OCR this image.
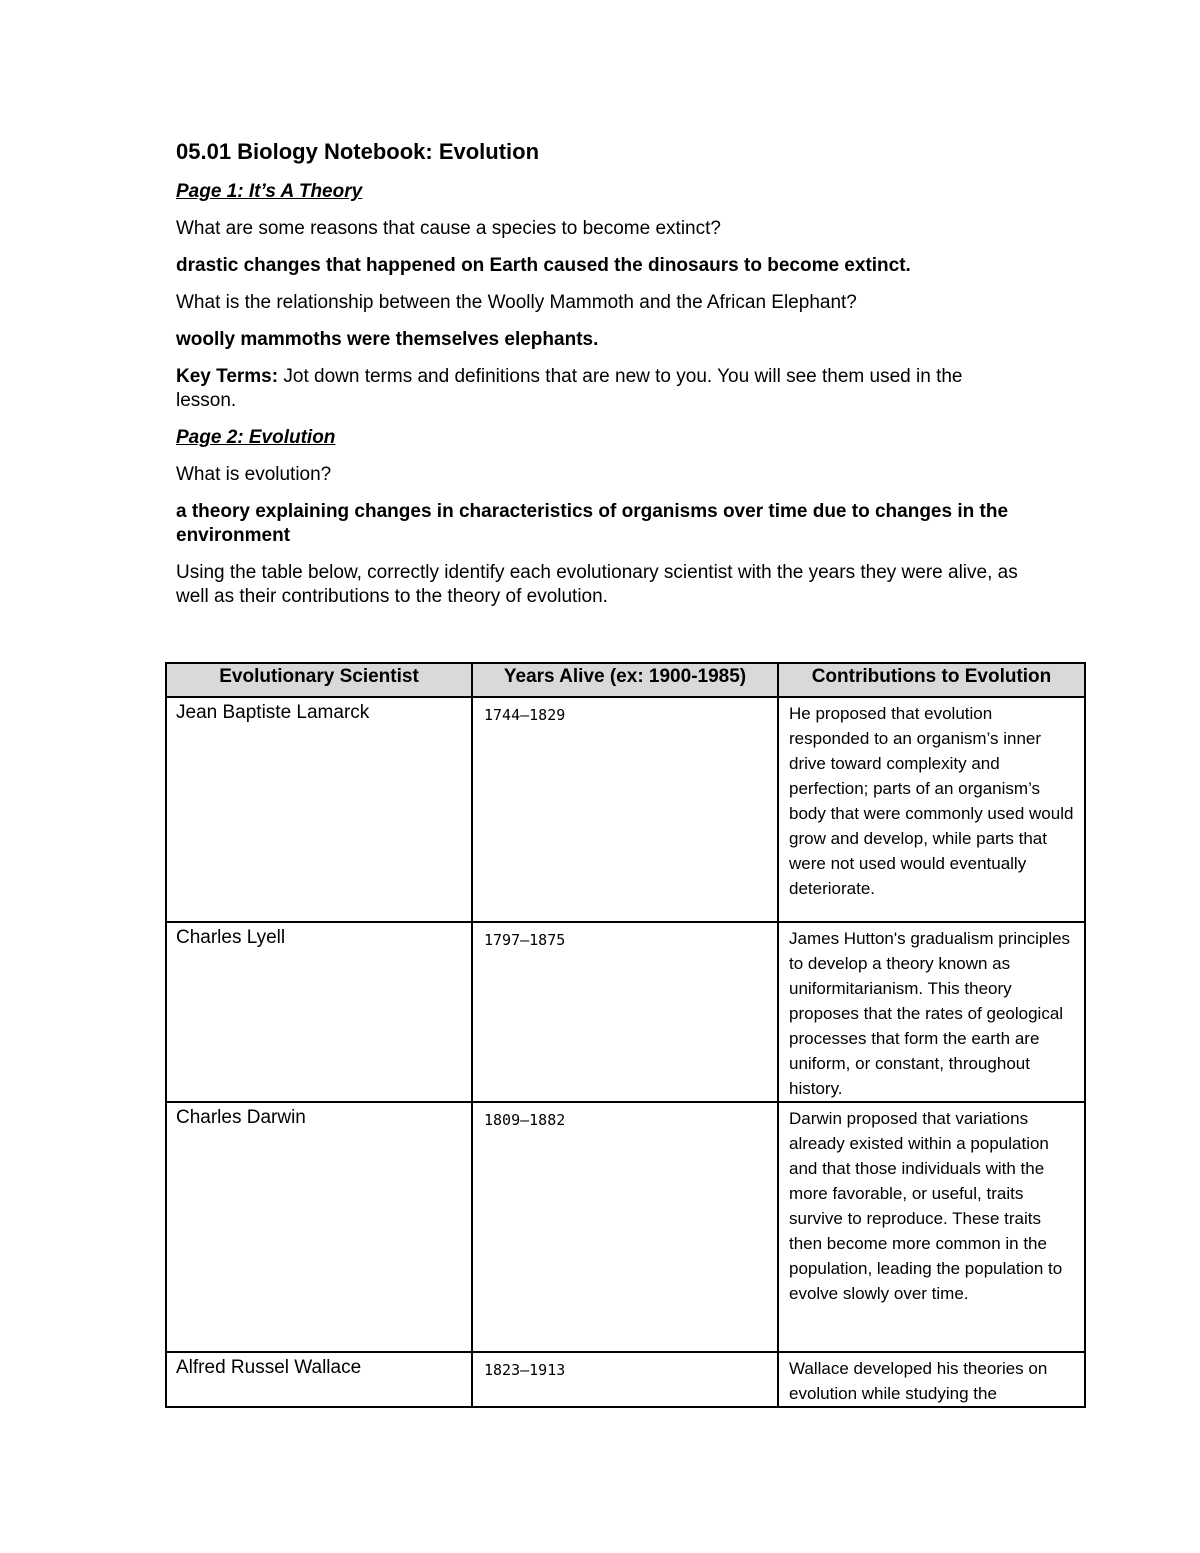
05.01 Biology Notebook: Evolution
Page 1: It’s A Theory
What are some reasons that cause a species to become extinct?
drastic changes that happened on Earth caused the dinosaurs to become extinct.
What is the relationship between the Woolly Mammoth and the African Elephant?
woolly mammoths were themselves elephants.
Key Terms: Jot down terms and definitions that are new to you. You will see them used in the lesson.
Page 2: Evolution
What is evolution?
a theory explaining changes in characteristics of organisms over time due to changes in the environment
Using the table below, correctly identify each evolutionary scientist with the years they were alive, as well as their contributions to the theory of evolution.
Evolutionary Scientist	Years Alive (ex: 1900-1985)	Contributions to Evolution
Jean Baptiste Lamarck	1744–1829	He proposed that evolution responded to an organism’s inner drive toward complexity and perfection; parts of an organism’s body that were commonly used would grow and develop, while parts that were not used would eventually deteriorate.
Charles Lyell	1797–1875	James Hutton's gradualism principles to develop a theory known as uniformitarianism. This theory proposes that the rates of geological processes that form the earth are uniform, or constant, throughout history.
Charles Darwin	1809–1882	Darwin proposed that variations already existed within a population and that those individuals with the more favorable, or useful, traits survive to reproduce. These traits then become more common in the population, leading the population to evolve slowly over time.
Alfred Russel Wallace	1823–1913	Wallace developed his theories on evolution while studying the
